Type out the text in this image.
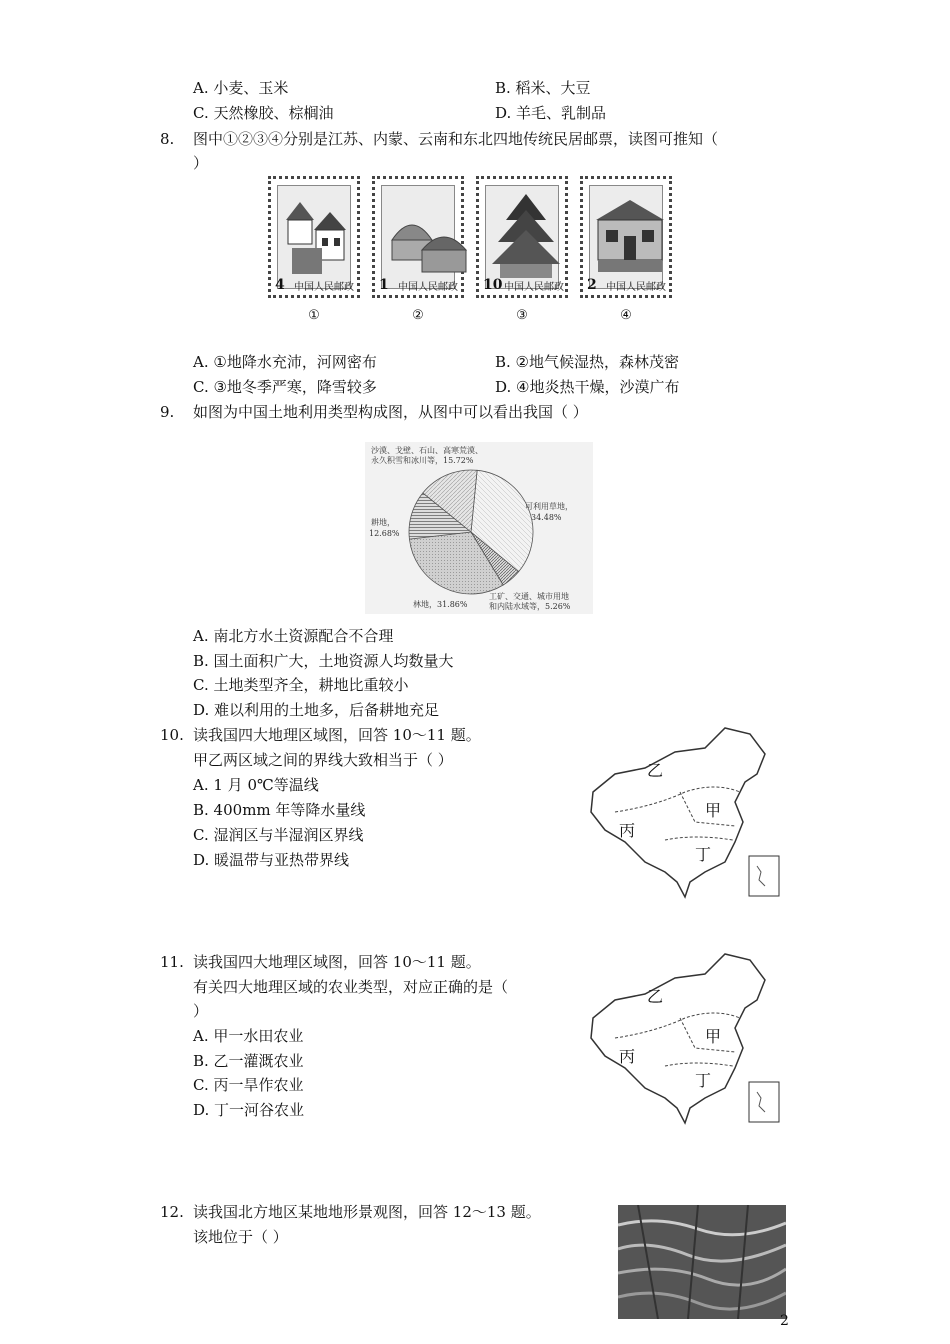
A. 小麦、玉米	B. 稻米、大豆
C. 天然橡胶、棕榈油	D. 羊毛、乳制品
8. 图中①②③④分别是江苏、内蒙、云南和东北四地传统民居邮票，读图可推知（
）
4 中国人民邮政 1 中国人民邮政 10 中国人民邮政 2 中国人民邮政
①	②	③	④
A. ①地降水充沛，河网密布	B. ②地气候湿热，森林茂密
C. ③地冬季严寒，降雪较多	D. ④地炎热干燥，沙漠广布
9. 如图为中国土地利用类型构成图，从图中可以看出我国（ ）
沙漠、戈壁、石山、高寒荒漠、
永久积雪和冰川等，15.72%
可利用草地，
34.48%
耕地，
12.68%
林地，31.86%
工矿、交通、城市用地
和内陆水域等，5.26%
A. 南北方水土资源配合不合理
B. 国土面积广大，土地资源人均数量大
C. 土地类型齐全，耕地比重较小
D. 难以利用的土地多，后备耕地充足
10. 读我国四大地理区域图，回答 10～11 题。
甲乙两区域之间的界线大致相当于（ ）
A. 1 月 0℃等温线
B. 400mm 年等降水量线
C. 湿润区与半湿润区界线
D. 暖温带与亚热带界线
乙
甲
丙
丁
11. 读我国四大地理区域图，回答 10～11 题。
有关四大地理区域的农业类型，对应正确的是（
）
A. 甲一水田农业
B. 乙一灌溉农业
C. 丙一旱作农业
D. 丁一河谷农业
乙
甲
丙
丁
12. 读我国北方地区某地地形景观图，回答 12～13 题。
该地位于（ ）
2
